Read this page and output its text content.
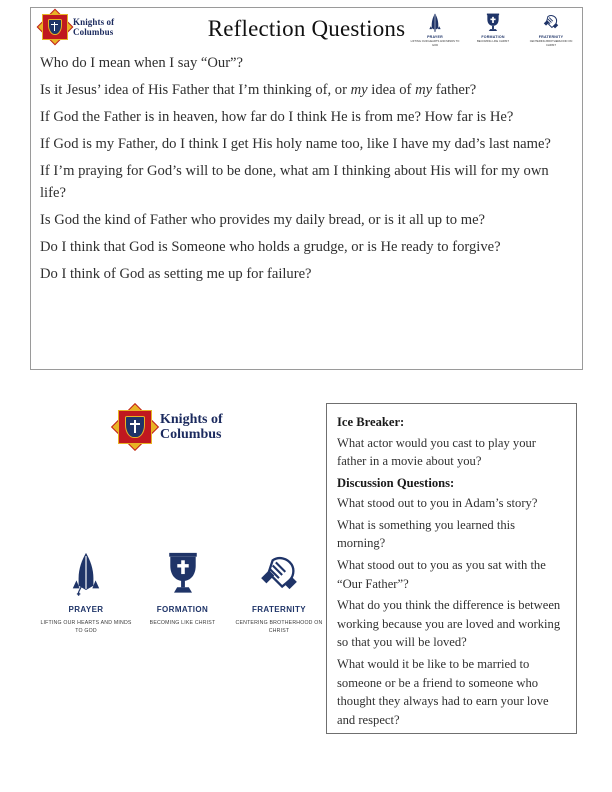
Knights of
Columbus	Reflection Questions	PRAYER
LIFTING OUR HEARTS AND MINDS TO GOD
FORMATION
BECOMING LIKE CHRIST
FRATERNITY
CENTERING BROTHERHOOD ON CHRIST

Who do I mean when I say “Our”?

Is it Jesus’ idea of His Father that I’m thinking of, or my idea of my father?

If God the Father is in heaven, how far do I think He is from me? How far is He?

If God is my Father, do I think I get His holy name too, like I have my dad’s last name?

If I’m praying for God’s will to be done, what am I thinking about His will for my own life?

Is God the kind of Father who provides my daily bread, or is it all up to me?

Do I think that God is Someone who holds a grudge, or is He ready to forgive?

Do I think of God as setting me up for failure?

Knights of
Columbus
PRAYER
LIFTING OUR HEARTS AND MINDS TO GOD
FORMATION
BECOMING LIKE CHRIST
FRATERNITY
CENTERING BROTHERHOOD ON CHRIST

Ice Breaker:

What actor would you cast to play your father in a movie about you?

Discussion Questions:

What stood out to you in Adam’s story?

What is something you learned this morning?

What stood out to you as you sat with the “Our Father”?

What do you think the difference is between working because you are loved and working so that you will be loved?

What would it be like to be married to someone or be a friend to someone who thought they always had to earn your love and respect?
